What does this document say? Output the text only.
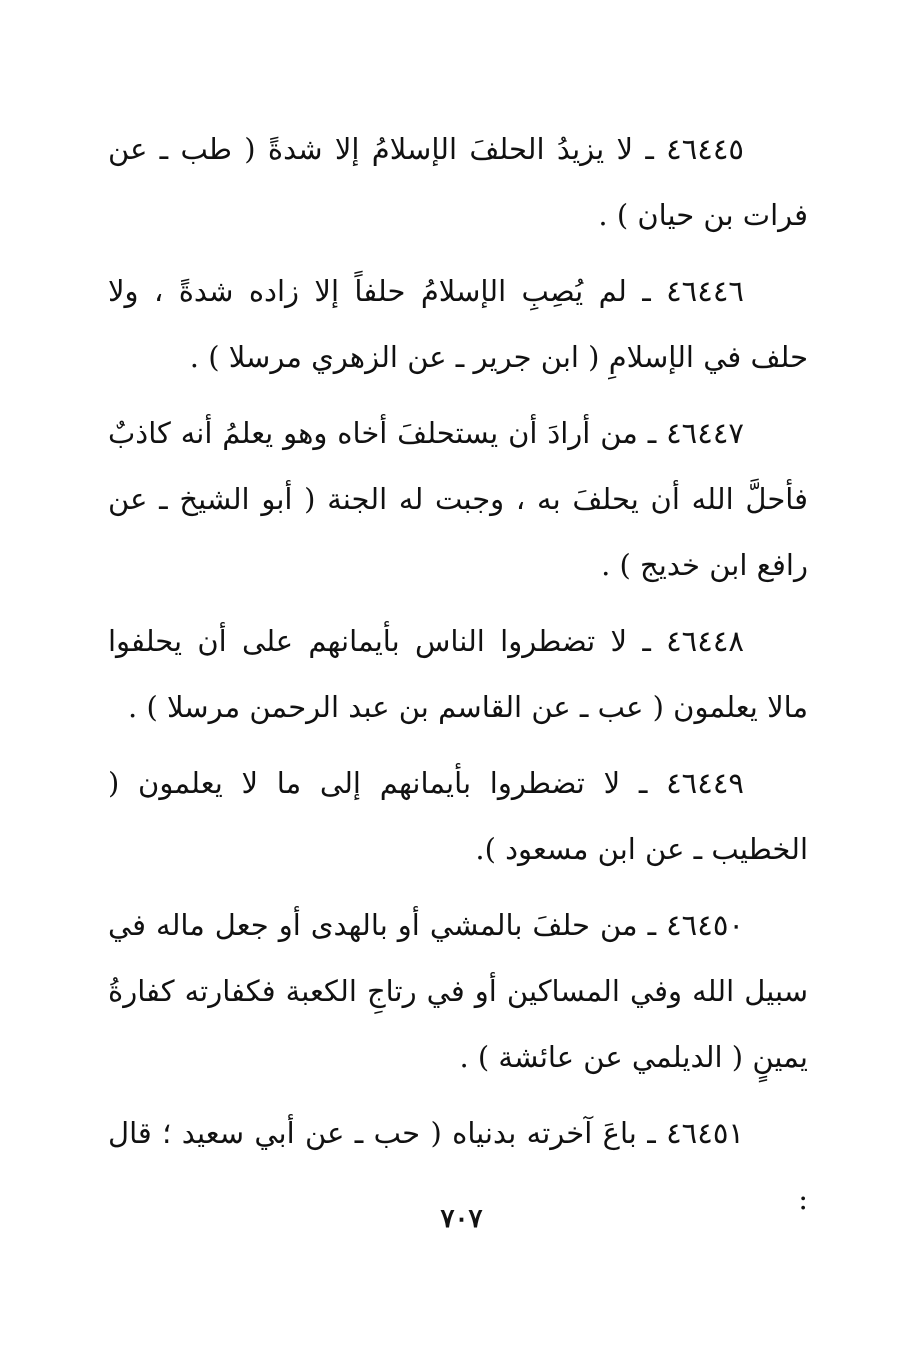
٤٦٤٤٥ ـ لا يزيدُ الحلفَ الإسلامُ إلا شدةً ( طب ـ عن فرات بن حيان ) .

٤٦٤٤٦ ـ لم يُصِبِ الإسلامُ حلفاً إلا زاده شدةً ، ولا حلف في الإسلامِ ( ابن جرير ـ عن الزهري مرسلا ) .

٤٦٤٤٧ ـ من أرادَ أن يستحلفَ أخاه وهو يعلمُ أنه كاذبٌ فأحلَّ الله أن يحلفَ به ، وجبت له الجنة ( أبو الشيخ ـ عن رافع ابن خديج ) .

٤٦٤٤٨ ـ لا تضطروا الناس بأيمانهم على أن يحلفوا مالا يعلمون ( عب ـ عن القاسم بن عبد الرحمن مرسلا ) .

٤٦٤٤٩ ـ لا تضطروا بأيمانهم إلى ما لا يعلمون ( الخطيب ـ عن ابن مسعود ).

٤٦٤٥٠ ـ من حلفَ بالمشي أو بالهدى أو جعل ماله في سبيل الله وفي المساكين أو في رتاجِ الكعبة فكفارته كفارةُ يمينٍ ( الديلمي عن عائشة ) .

٤٦٤٥١ ـ باعَ آخرته بدنياه ( حب ـ عن أبي سعيد ؛ قال :

٧٠٧
